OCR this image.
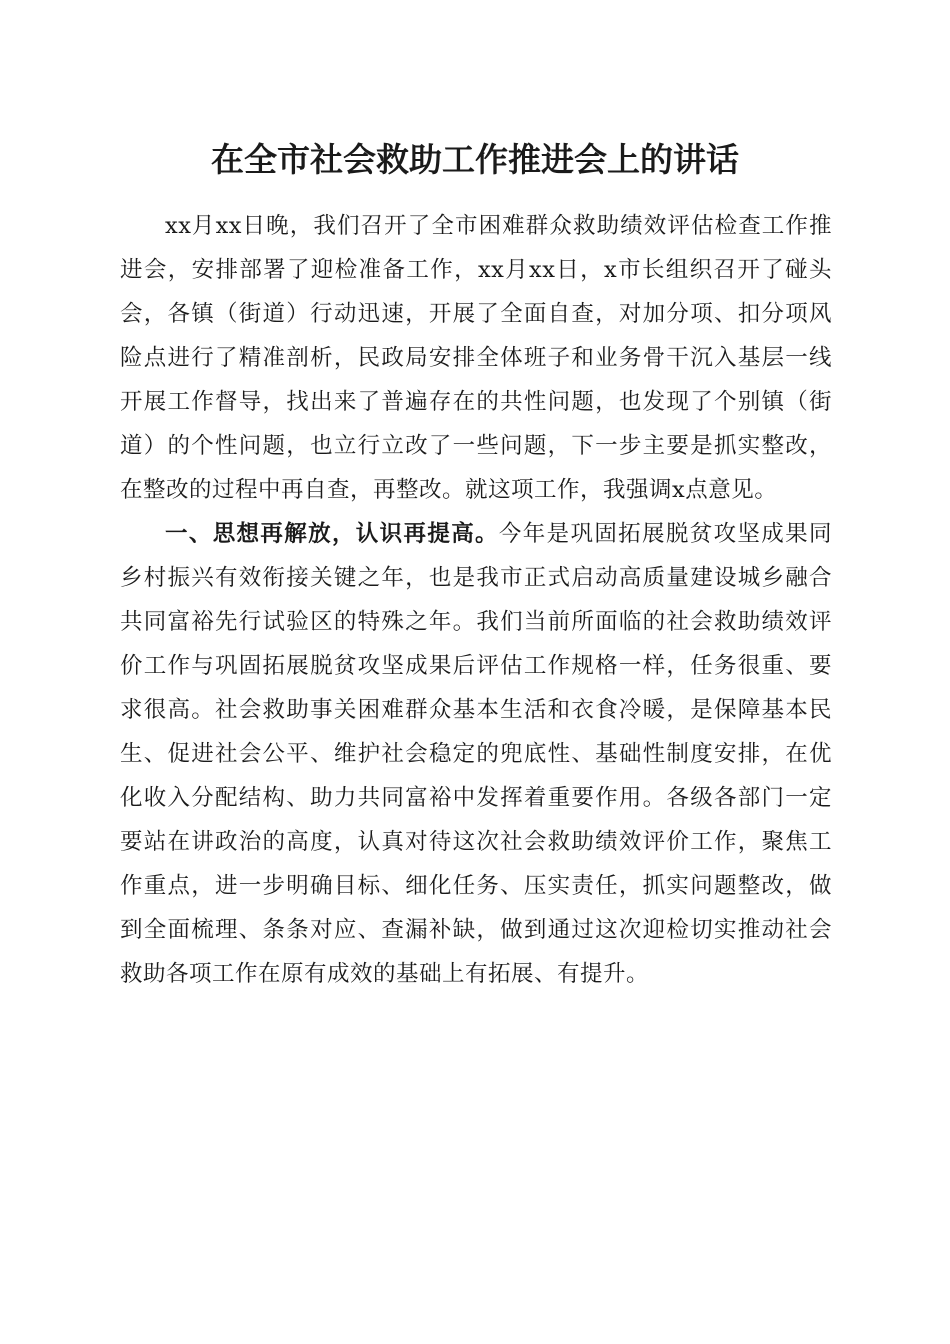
在全市社会救助工作推进会上的讲话

xx月xx日晚，我们召开了全市困难群众救助绩效评估检查工作推进会，安排部署了迎检准备工作，xx月xx日，x市长组织召开了碰头会，各镇（街道）行动迅速，开展了全面自查，对加分项、扣分项风险点进行了精准剖析，民政局安排全体班子和业务骨干沉入基层一线开展工作督导，找出来了普遍存在的共性问题，也发现了个别镇（街道）的个性问题，也立行立改了一些问题，下一步主要是抓实整改，在整改的过程中再自查，再整改。就这项工作，我强调x点意见。

一、思想再解放，认识再提高。今年是巩固拓展脱贫攻坚成果同乡村振兴有效衔接关键之年，也是我市正式启动高质量建设城乡融合共同富裕先行试验区的特殊之年。我们当前所面临的社会救助绩效评价工作与巩固拓展脱贫攻坚成果后评估工作规格一样，任务很重、要求很高。社会救助事关困难群众基本生活和衣食冷暖，是保障基本民生、促进社会公平、维护社会稳定的兜底性、基础性制度安排，在优化收入分配结构、助力共同富裕中发挥着重要作用。各级各部门一定要站在讲政治的高度，认真对待这次社会救助绩效评价工作，聚焦工作重点，进一步明确目标、细化任务、压实责任，抓实问题整改，做到全面梳理、条条对应、查漏补缺，做到通过这次迎检切实推动社会救助各项工作在原有成效的基础上有拓展、有提升。
